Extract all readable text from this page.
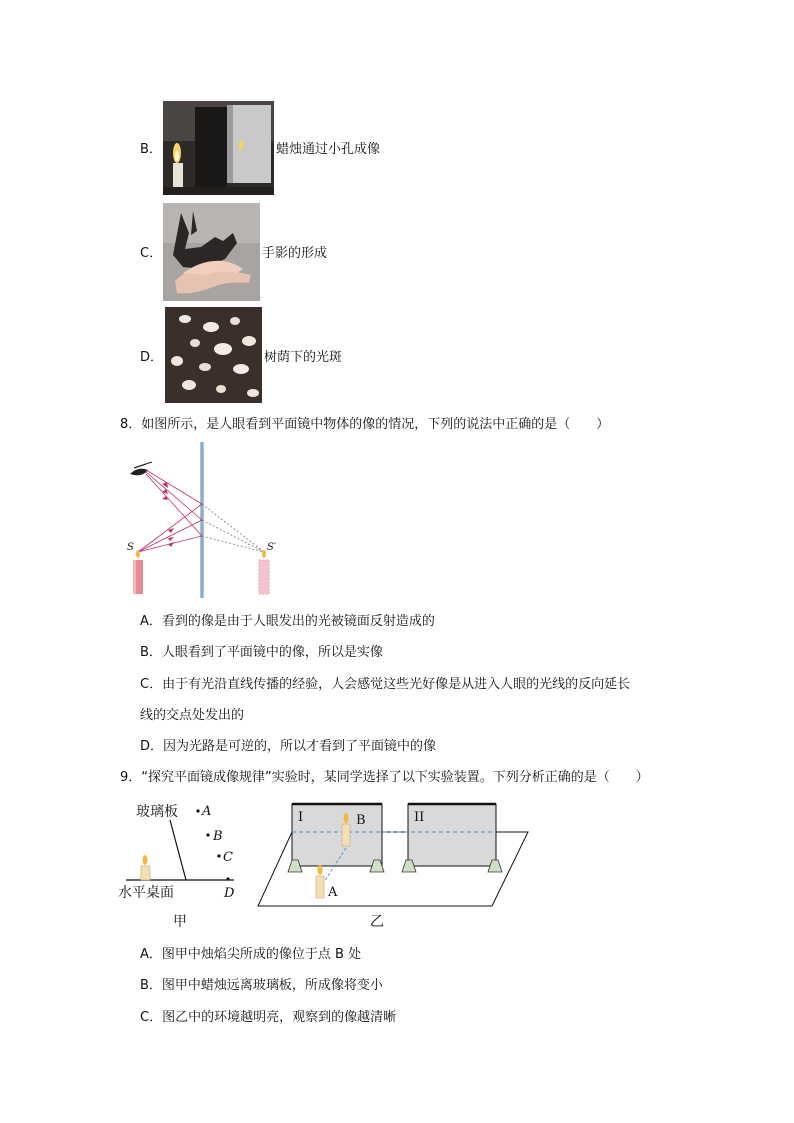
B．	蜡烛通过小孔成像
C．	手影的形成
D．	树荫下的光斑
8．如图所示，是人眼看到平面镜中物体的像的情况，下列的说法中正确的是（　　）
S	S′
A．看到的像是由于人眼发出的光被镜面反射造成的
B．人眼看到了平面镜中的像，所以是实像
C．由于有光沿直线传播的经验，人会感觉这些光好像是从进入人眼的光线的反向延长
线的交点处发出的
D．因为光路是可逆的，所以才看到了平面镜中的像
9．“探究平面镜成像规律”实验时，某同学选择了以下实验装置。下列分析正确的是（　　）
玻璃板
水平桌面
A
B
C
D
甲
I	B	II
A
乙
A．图甲中烛焰尖所成的像位于点 B 处
B．图甲中蜡烛远离玻璃板，所成像将变小
C．图乙中的环境越明亮，观察到的像越清晰
